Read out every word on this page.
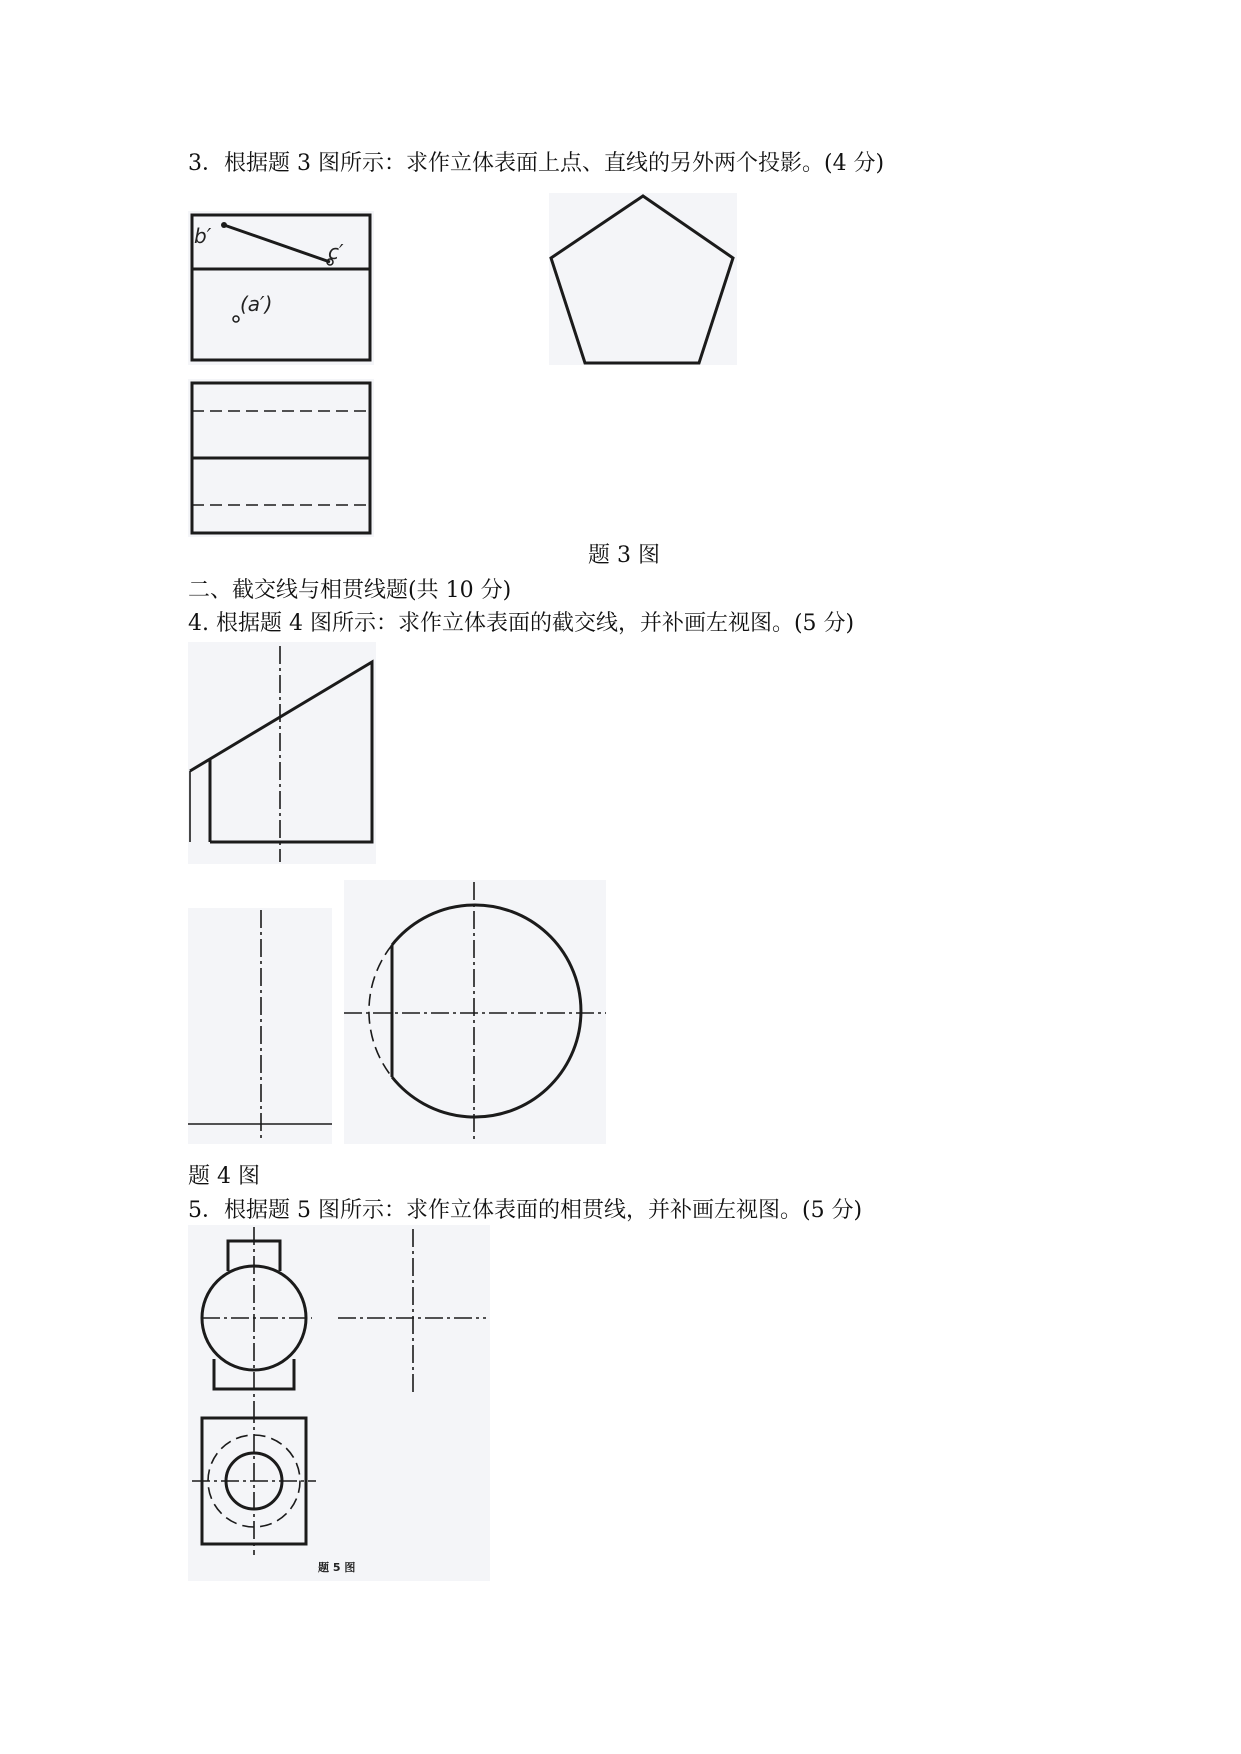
3．根据题 3 图所示：求作立体表面上点、直线的另外两个投影。(4 分)
b′
c′
(a′)
题 3 图
二、截交线与相贯线题(共 10 分)
4. 根据题 4 图所示：求作立体表面的截交线，并补画左视图。(5 分)
题 4 图
5．根据题 5 图所示：求作立体表面的相贯线，并补画左视图。(5 分)
题 5 图
